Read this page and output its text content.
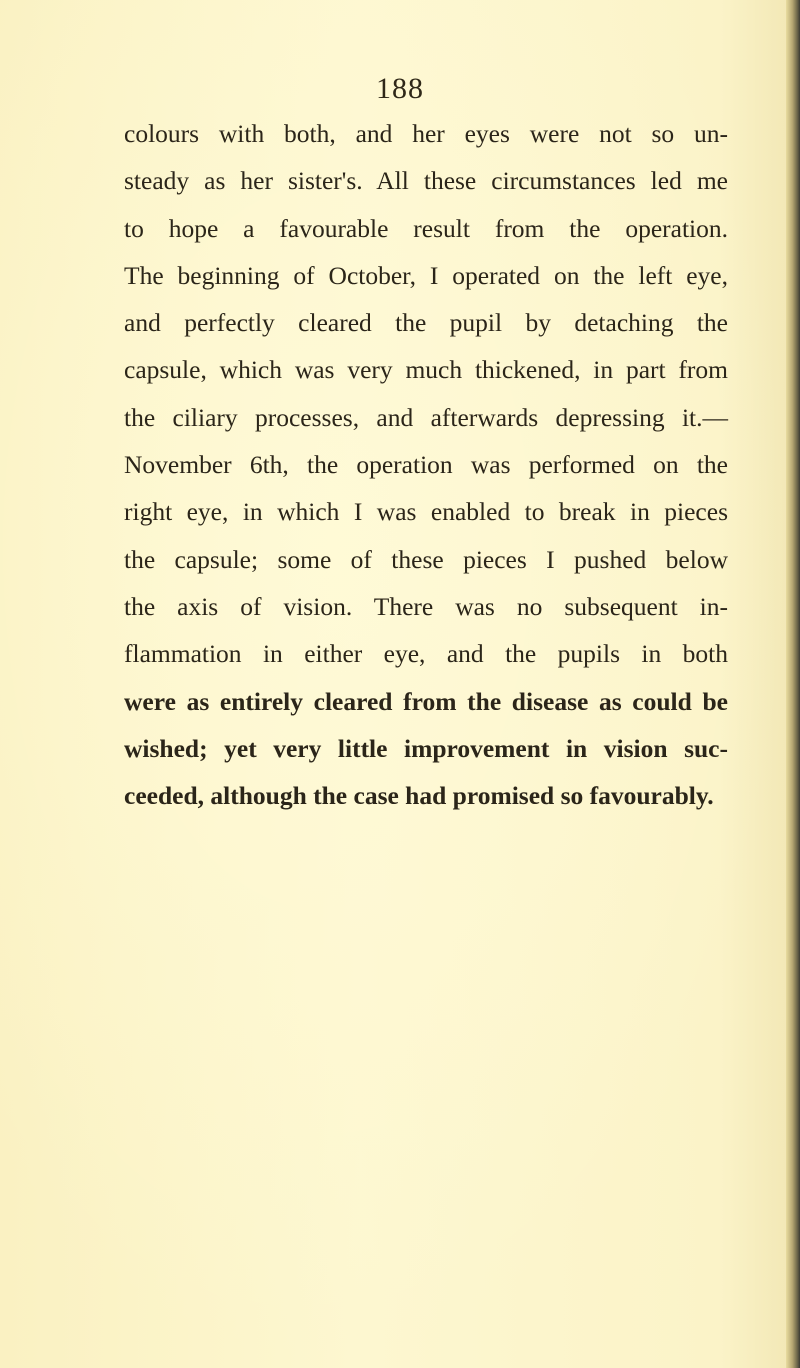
188
colours with both, and her eyes were not so un-
steady as her sister's. All these circumstances led me
to hope a favourable result from the operation.
The beginning of October, I operated on the left eye,
and perfectly cleared the pupil by detaching the
capsule, which was very much thickened, in part from
the ciliary processes, and afterwards depressing it.—
November 6th, the operation was performed on the
right eye, in which I was enabled to break in pieces
the capsule; some of these pieces I pushed below
the axis of vision. There was no subsequent in-
flammation in either eye, and the pupils in both
were as entirely cleared from the disease as could be
wished; yet very little improvement in vision suc-
ceeded, although the case had promised so favourably.
